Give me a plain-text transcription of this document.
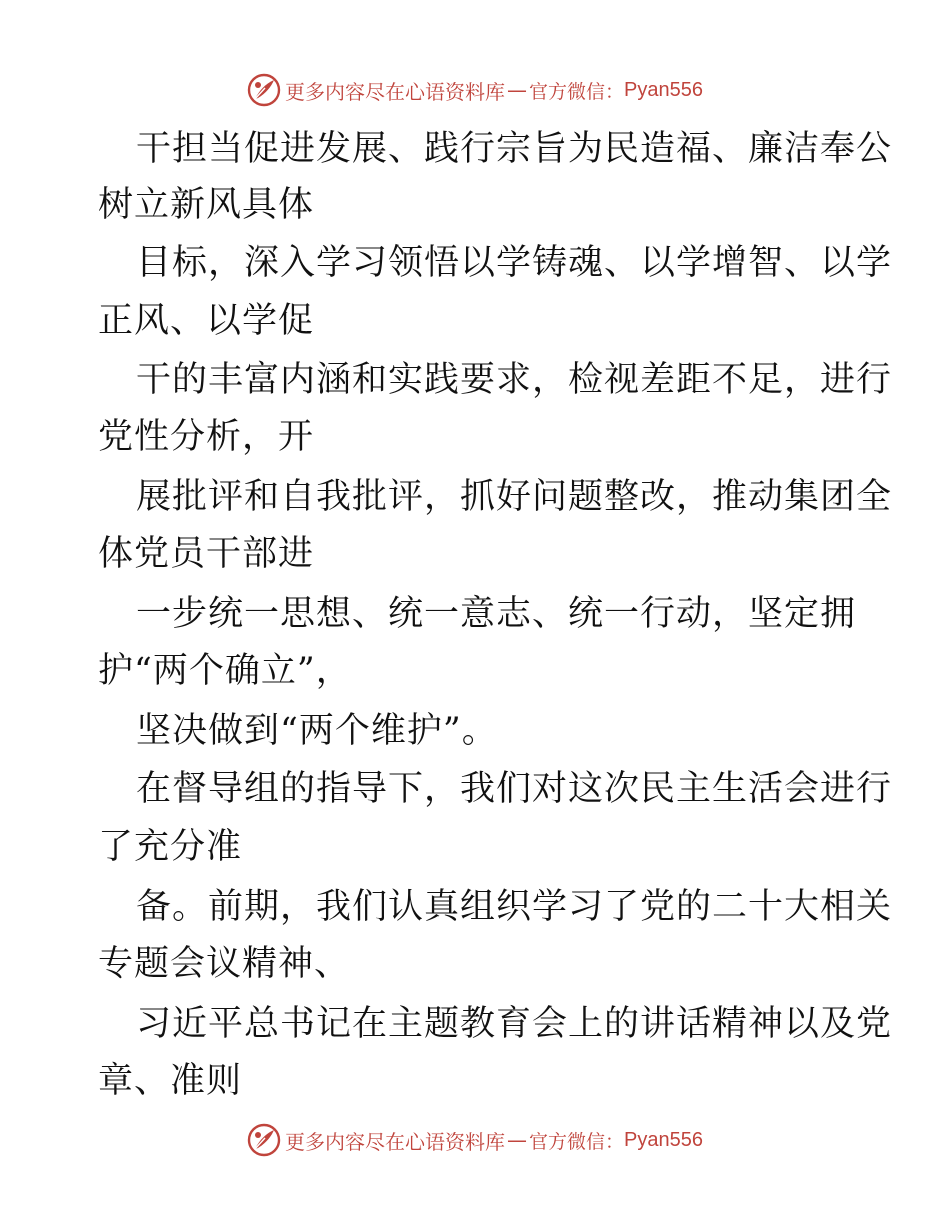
更多内容尽在心语资料库 — 官方微信： Pyan556
干担当促进发展、践行宗旨为民造福、廉洁奉公
树立新风具体
目标，深入学习领悟以学铸魂、以学增智、以学
正风、以学促
干的丰富内涵和实践要求，检视差距不足，进行
党性分析，开
展批评和自我批评，抓好问题整改，推动集团全
体党员干部进
一步统一思想、统一意志、统一行动，坚定拥
护“两个确立”，
坚决做到“两个维护”。
在督导组的指导下，我们对这次民主生活会进行
了充分准
备。前期，我们认真组织学习了党的二十大相关
专题会议精神、
习近平总书记在主题教育会上的讲话精神以及党
章、准则
更多内容尽在心语资料库 — 官方微信： Pyan556
